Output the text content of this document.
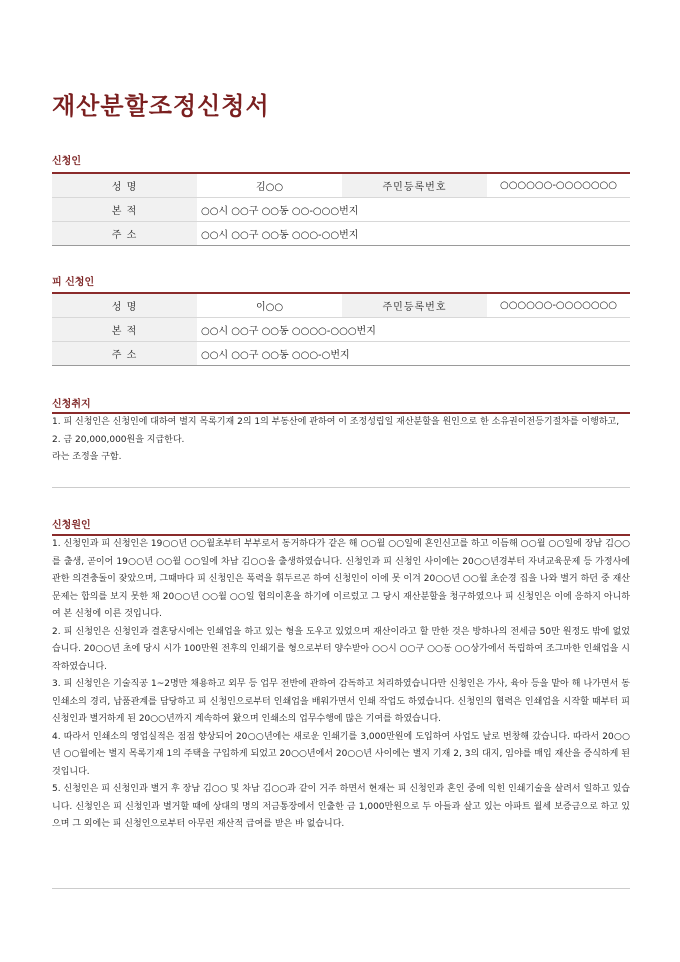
재산분할조정신청서
신청인
성 명	김○○	주민등록번호	○○○○○○-○○○○○○○
본 적	○○시 ○○구 ○○동 ○○-○○○번지		
주 소	○○시 ○○구 ○○동 ○○○-○○번지		
피 신청인
성 명	이○○	주민등록번호	○○○○○○-○○○○○○○
본 적	○○시 ○○구 ○○동 ○○○○-○○○번지		
주 소	○○시 ○○구 ○○동 ○○○-○번지		
신청취지

1. 피 신청인은 신청인에 대하여 별지 목록기재 2의 1의 부동산에 관하여 이 조정성립일 재산분할을 원인으로 한 소유권이전등기절차를 이행하고,

2. 금 20,000,000원을 지급한다.

라는 조정을 구함.

신청원인

1. 신청인과 피 신청인은 19○○년 ○○월초부터 부부로서 동거하다가 같은 해 ○○월 ○○일에 혼인신고를 하고 이듬해 ○○월 ○○일에 장남 김○○를 출생, 곧이어 19○○년 ○○월 ○○일에 차남 김○○을 출생하였습니다. 신청인과 피 신청인 사이에는 20○○년경부터 자녀교육문제 등 가정사에 관한 의견충돌이 잦았으며, 그때마다 피 신청인은 폭력을 휘두르곤 하여 신청인이 이에 못 이겨 20○○년 ○○월 초순경 집을 나와 별거 하던 중 재산문제는 합의를 보지 못한 채 20○○년 ○○월 ○○일 협의이혼을 하기에 이르렀고 그 당시 재산분할을 청구하였으나 피 신청인은 이에 응하지 아니하여 본 신청에 이른 것입니다.

2. 피 신청인은 신청인과 결혼당시에는 인쇄업을 하고 있는 형을 도우고 있었으며 재산이라고 할 만한 것은 방하나의 전세금 50만 원정도 밖에 없었습니다. 20○○년 초에 당시 시가 100만원 전후의 인쇄기를 형으로부터 양수받아 ○○시 ○○구 ○○동 ○○상가에서 독립하여 조그마한 인쇄업을 시작하였습니다.

3. 피 신청인은 기술직공 1~2명만 채용하고 외무 등 업무 전반에 관하여 감독하고 처리하였습니다만 신청인은 가사, 육아 등을 맡아 해 나가면서 동 인쇄소의 경리, 납품관계를 담당하고 피 신청인으로부터 인쇄업을 배워가면서 인쇄 작업도 하였습니다. 신청인의 협력은 인쇄업을 시작할 때부터 피 신청인과 별거하게 된 20○○년까지 계속하여 왔으며 인쇄소의 업무수행에 많은 기여를 하였습니다.

4. 따라서 인쇄소의 영업실적은 점점 향상되어 20○○년에는 새로운 인쇄기를 3,000만원에 도입하여 사업도 날로 번창해 갔습니다. 따라서 20○○년 ○○월에는 별지 목록기재 1의 주택을 구입하게 되었고 20○○년에서 20○○년 사이에는 별지 기재 2, 3의 대지, 임야를 매입 재산을 증식하게 된 것입니다.

5. 신청인은 피 신청인과 별거 후 장남 김○○ 및 차남 김○○과 같이 거주 하면서 현재는 피 신청인과 혼인 중에 익힌 인쇄기술을 살려서 일하고 있습니다. 신청인은 피 신청인과 별거할 때에 상대의 명의 저금통장에서 인출한 금 1,000만원으로 두 아들과 살고 있는 아파트 월세 보증금으로 하고 있으며 그 외에는 피 신청인으로부터 아무런 재산적 급여를 받은 바 없습니다.
